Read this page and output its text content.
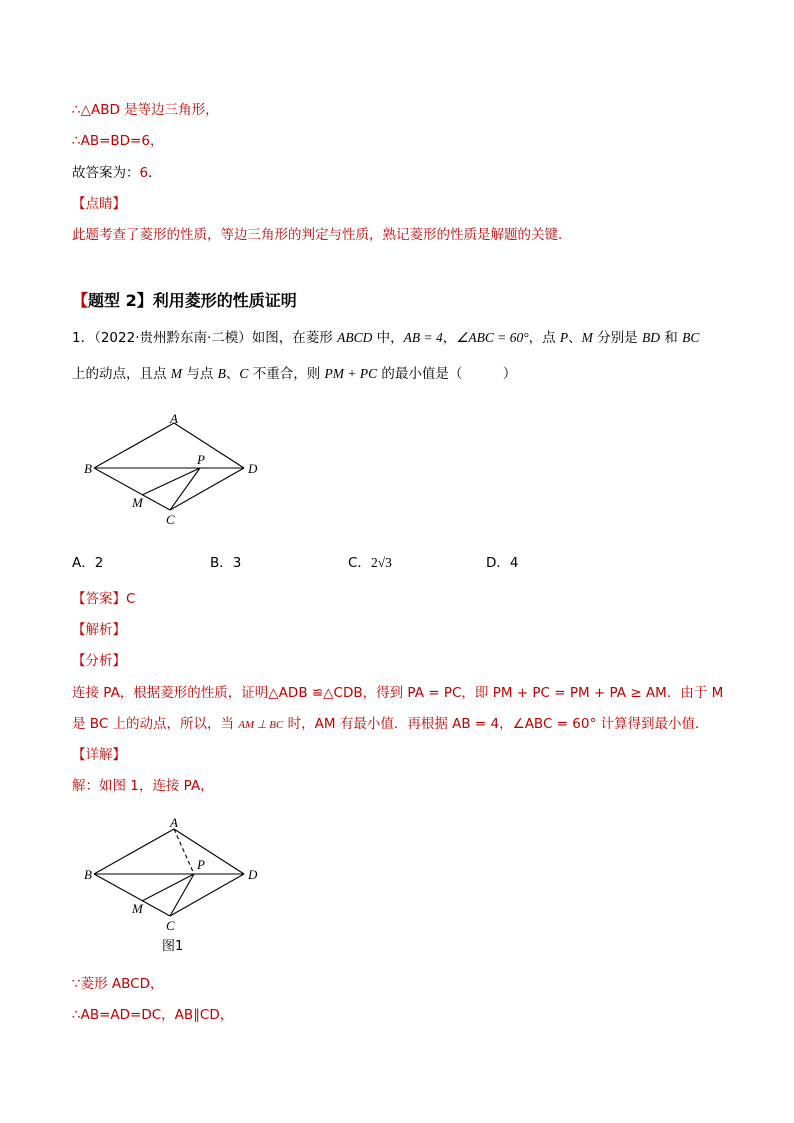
∴△ABD 是等边三角形，
∴AB=BD=6，
故答案为：6．
【点睛】
此题考查了菱形的性质，等边三角形的判定与性质，熟记菱形的性质是解题的关键．
【题型 2】利用菱形的性质证明
1．（2022·贵州黔东南·二模）如图，在菱形 ABCD 中，AB = 4，∠ABC = 60°，点 P、M 分别是 BD 和 BC
上的动点，且点 M 与点 B、C 不重合，则 PM + PC 的最小值是（　　　）
A
B	D
P
M
C
A．2	B．3	C．2√3	D．4
【答案】C
【解析】
【分析】
连接 PA，根据菱形的性质，证明△ADB ≌△CDB，得到 PA = PC，即 PM + PC = PM + PA ≥ AM．由于 M
是 BC 上的动点，所以，当 AM ⊥ BC 时，AM 有最小值．再根据 AB = 4，∠ABC = 60° 计算得到最小值．
【详解】
解：如图 1，连接 PA，
A
B	D
P
M
C
图1
∵菱形 ABCD，
∴AB=AD=DC，AB∥CD，
